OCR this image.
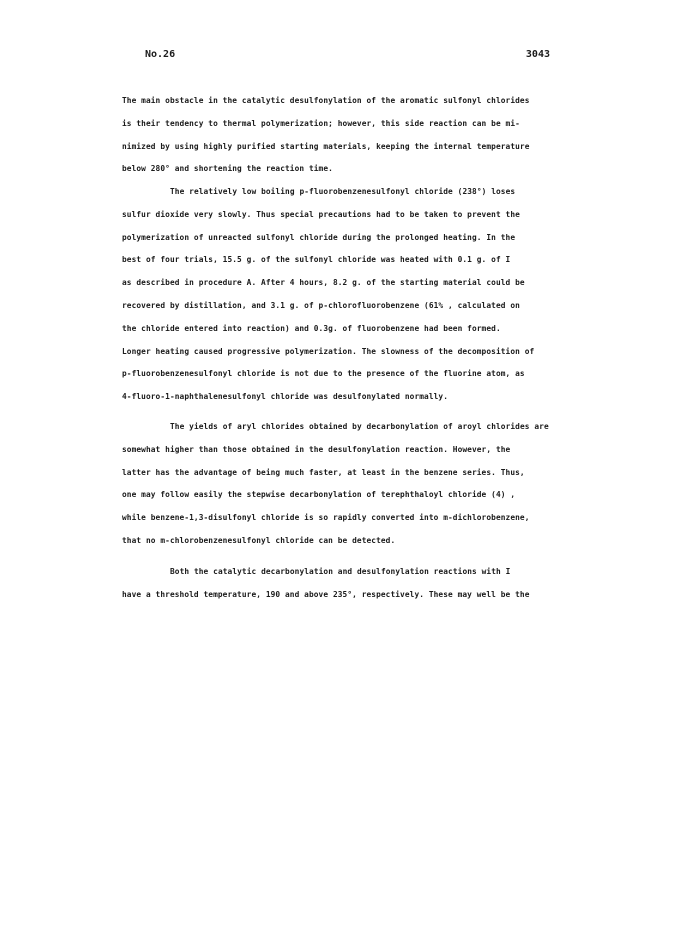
No.26	3043
The main obstacle in the catalytic desulfonylation of the aromatic sulfonyl chlorides
is their tendency to thermal polymerization; however, this side reaction can be mi-
nimized by using highly purified starting materials, keeping the internal temperature
below 280° and shortening the reaction time.
The relatively low boiling p-fluorobenzenesulfonyl chloride (238°) loses
sulfur dioxide very slowly. Thus special precautions had to be taken to prevent the
polymerization of unreacted sulfonyl chloride during the prolonged heating. In the
best of four trials, 15.5 g. of the sulfonyl chloride was heated with 0.1 g. of I
as described in procedure A. After 4 hours, 8.2 g. of the starting material could be
recovered by distillation, and 3.1 g. of p-chlorofluorobenzene (61% , calculated on
the chloride entered into reaction) and 0.3g. of fluorobenzene had been formed.
Longer heating caused progressive polymerization. The slowness of the decomposition of
p-fluorobenzenesulfonyl chloride is not due to the presence of the fluorine atom, as
4-fluoro-1-naphthalenesulfonyl chloride was desulfonylated normally.
The yields of aryl chlorides obtained by decarbonylation of aroyl chlorides are
somewhat higher than those obtained in the desulfonylation reaction. However, the
latter has the advantage of being much faster, at least in the benzene series. Thus,
one may follow easily the stepwise decarbonylation of terephthaloyl chloride (4) ,
while benzene-1,3-disulfonyl chloride is so rapidly converted into m-dichlorobenzene,
that no m-chlorobenzenesulfonyl chloride can be detected.
Both the catalytic decarbonylation and desulfonylation reactions with I
have a threshold temperature, 190 and above 235°, respectively. These may well be the
